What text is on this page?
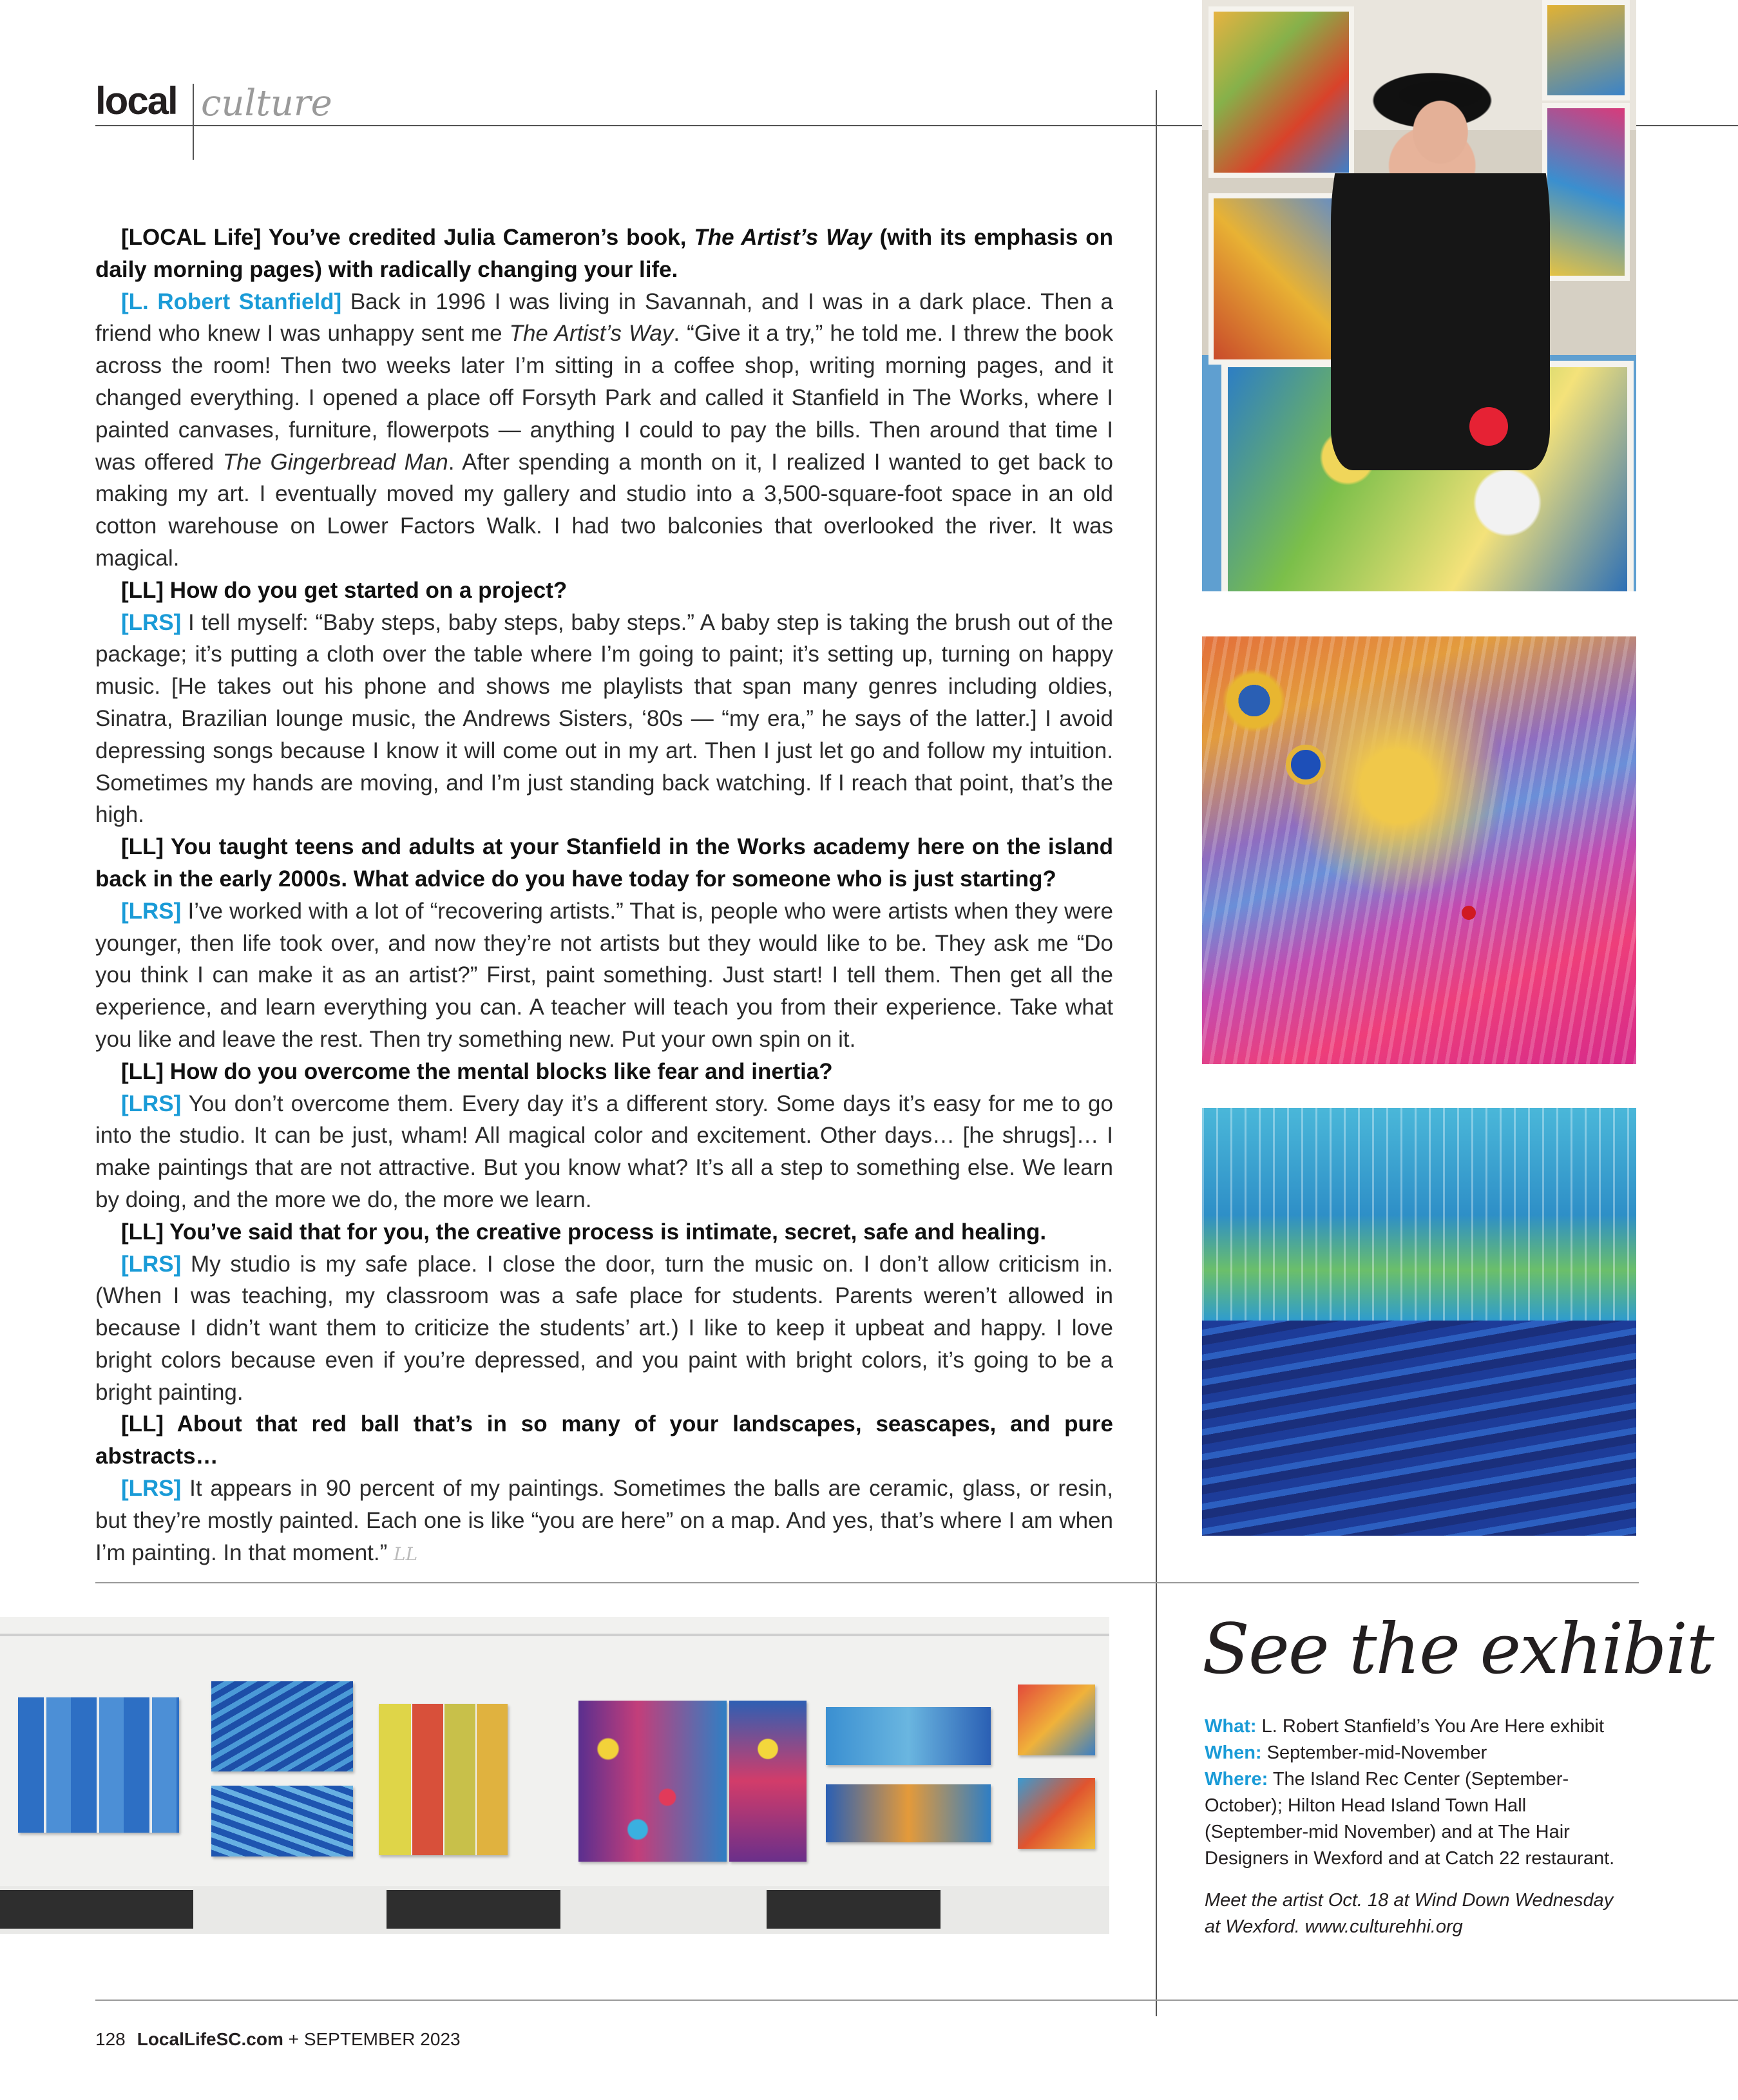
local culture

[LOCAL Life] You’ve credited Julia Cameron’s book, The Artist’s Way (with its emphasis on daily morning pages) with radically changing your life.

[L. Robert Stanfield] Back in 1996 I was living in Savannah, and I was in a dark place. Then a friend who knew I was unhappy sent me The Artist’s Way. “Give it a try,” he told me. I threw the book across the room! Then two weeks later I’m sitting in a coffee shop, writing morning pages, and it changed everything. I opened a place off Forsyth Park and called it Stanfield in The Works, where I painted canvases, furniture, flowerpots — anything I could to pay the bills. Then around that time I was offered The Gingerbread Man. After spending a month on it, I realized I wanted to get back to making my art. I eventually moved my gallery and studio into a 3,500-square-foot space in an old cotton warehouse on Lower Factors Walk. I had two balconies that overlooked the river. It was magical.

[LL] How do you get started on a project?

[LRS] I tell myself: “Baby steps, baby steps, baby steps.” A baby step is taking the brush out of the package; it’s putting a cloth over the table where I’m going to paint; it’s setting up, turning on happy music. [He takes out his phone and shows me playlists that span many genres including oldies, Sinatra, Brazilian lounge music, the Andrews Sisters, ‘80s — “my era,” he says of the latter.] I avoid depressing songs because I know it will come out in my art. Then I just let go and follow my intuition. Sometimes my hands are moving, and I’m just standing back watching. If I reach that point, that’s the high.

[LL] You taught teens and adults at your Stanfield in the Works academy here on the island back in the early 2000s. What advice do you have today for someone who is just starting?

[LRS] I’ve worked with a lot of “recovering artists.” That is, people who were artists when they were younger, then life took over, and now they’re not artists but they would like to be. They ask me “Do you think I can make it as an artist?” First, paint something. Just start! I tell them. Then get all the experience, and learn everything you can. A teacher will teach you from their experience. Take what you like and leave the rest. Then try something new. Put your own spin on it.

[LL] How do you overcome the mental blocks like fear and inertia?

[LRS] You don’t overcome them. Every day it’s a different story. Some days it’s easy for me to go into the studio. It can be just, wham! All magical color and excitement. Other days… [he shrugs]… I make paintings that are not attractive. But you know what? It’s all a step to something else. We learn by doing, and the more we do, the more we learn.

[LL] You’ve said that for you, the creative process is intimate, secret, safe and healing.

[LRS] My studio is my safe place. I close the door, turn the music on. I don’t allow criticism in. (When I was teaching, my classroom was a safe place for students. Parents weren’t allowed in because I didn’t want them to criticize the students’ art.) I like to keep it upbeat and happy. I love bright colors because even if you’re depressed, and you paint with bright colors, it’s going to be a bright painting.

[LL] About that red ball that’s in so many of your landscapes, seascapes, and pure abstracts…

[LRS] It appears in 90 percent of my paintings. Sometimes the balls are ceramic, glass, or resin, but they’re mostly painted. Each one is like “you are here” on a map. And yes, that’s where I am when I’m painting. In that moment.” LL

See the exhibit

What: L. Robert Stanfield’s You Are Here exhibit

When: September-mid-November

Where: The Island Rec Center (September-October); Hilton Head Island Town Hall (September-mid November) and at The Hair Designers in Wexford and at Catch 22 restaurant.

Meet the artist Oct. 18 at Wind Down Wednesday at Wexford. www.culturehhi.org

128 LocalLifeSC.com + SEPTEMBER 2023
